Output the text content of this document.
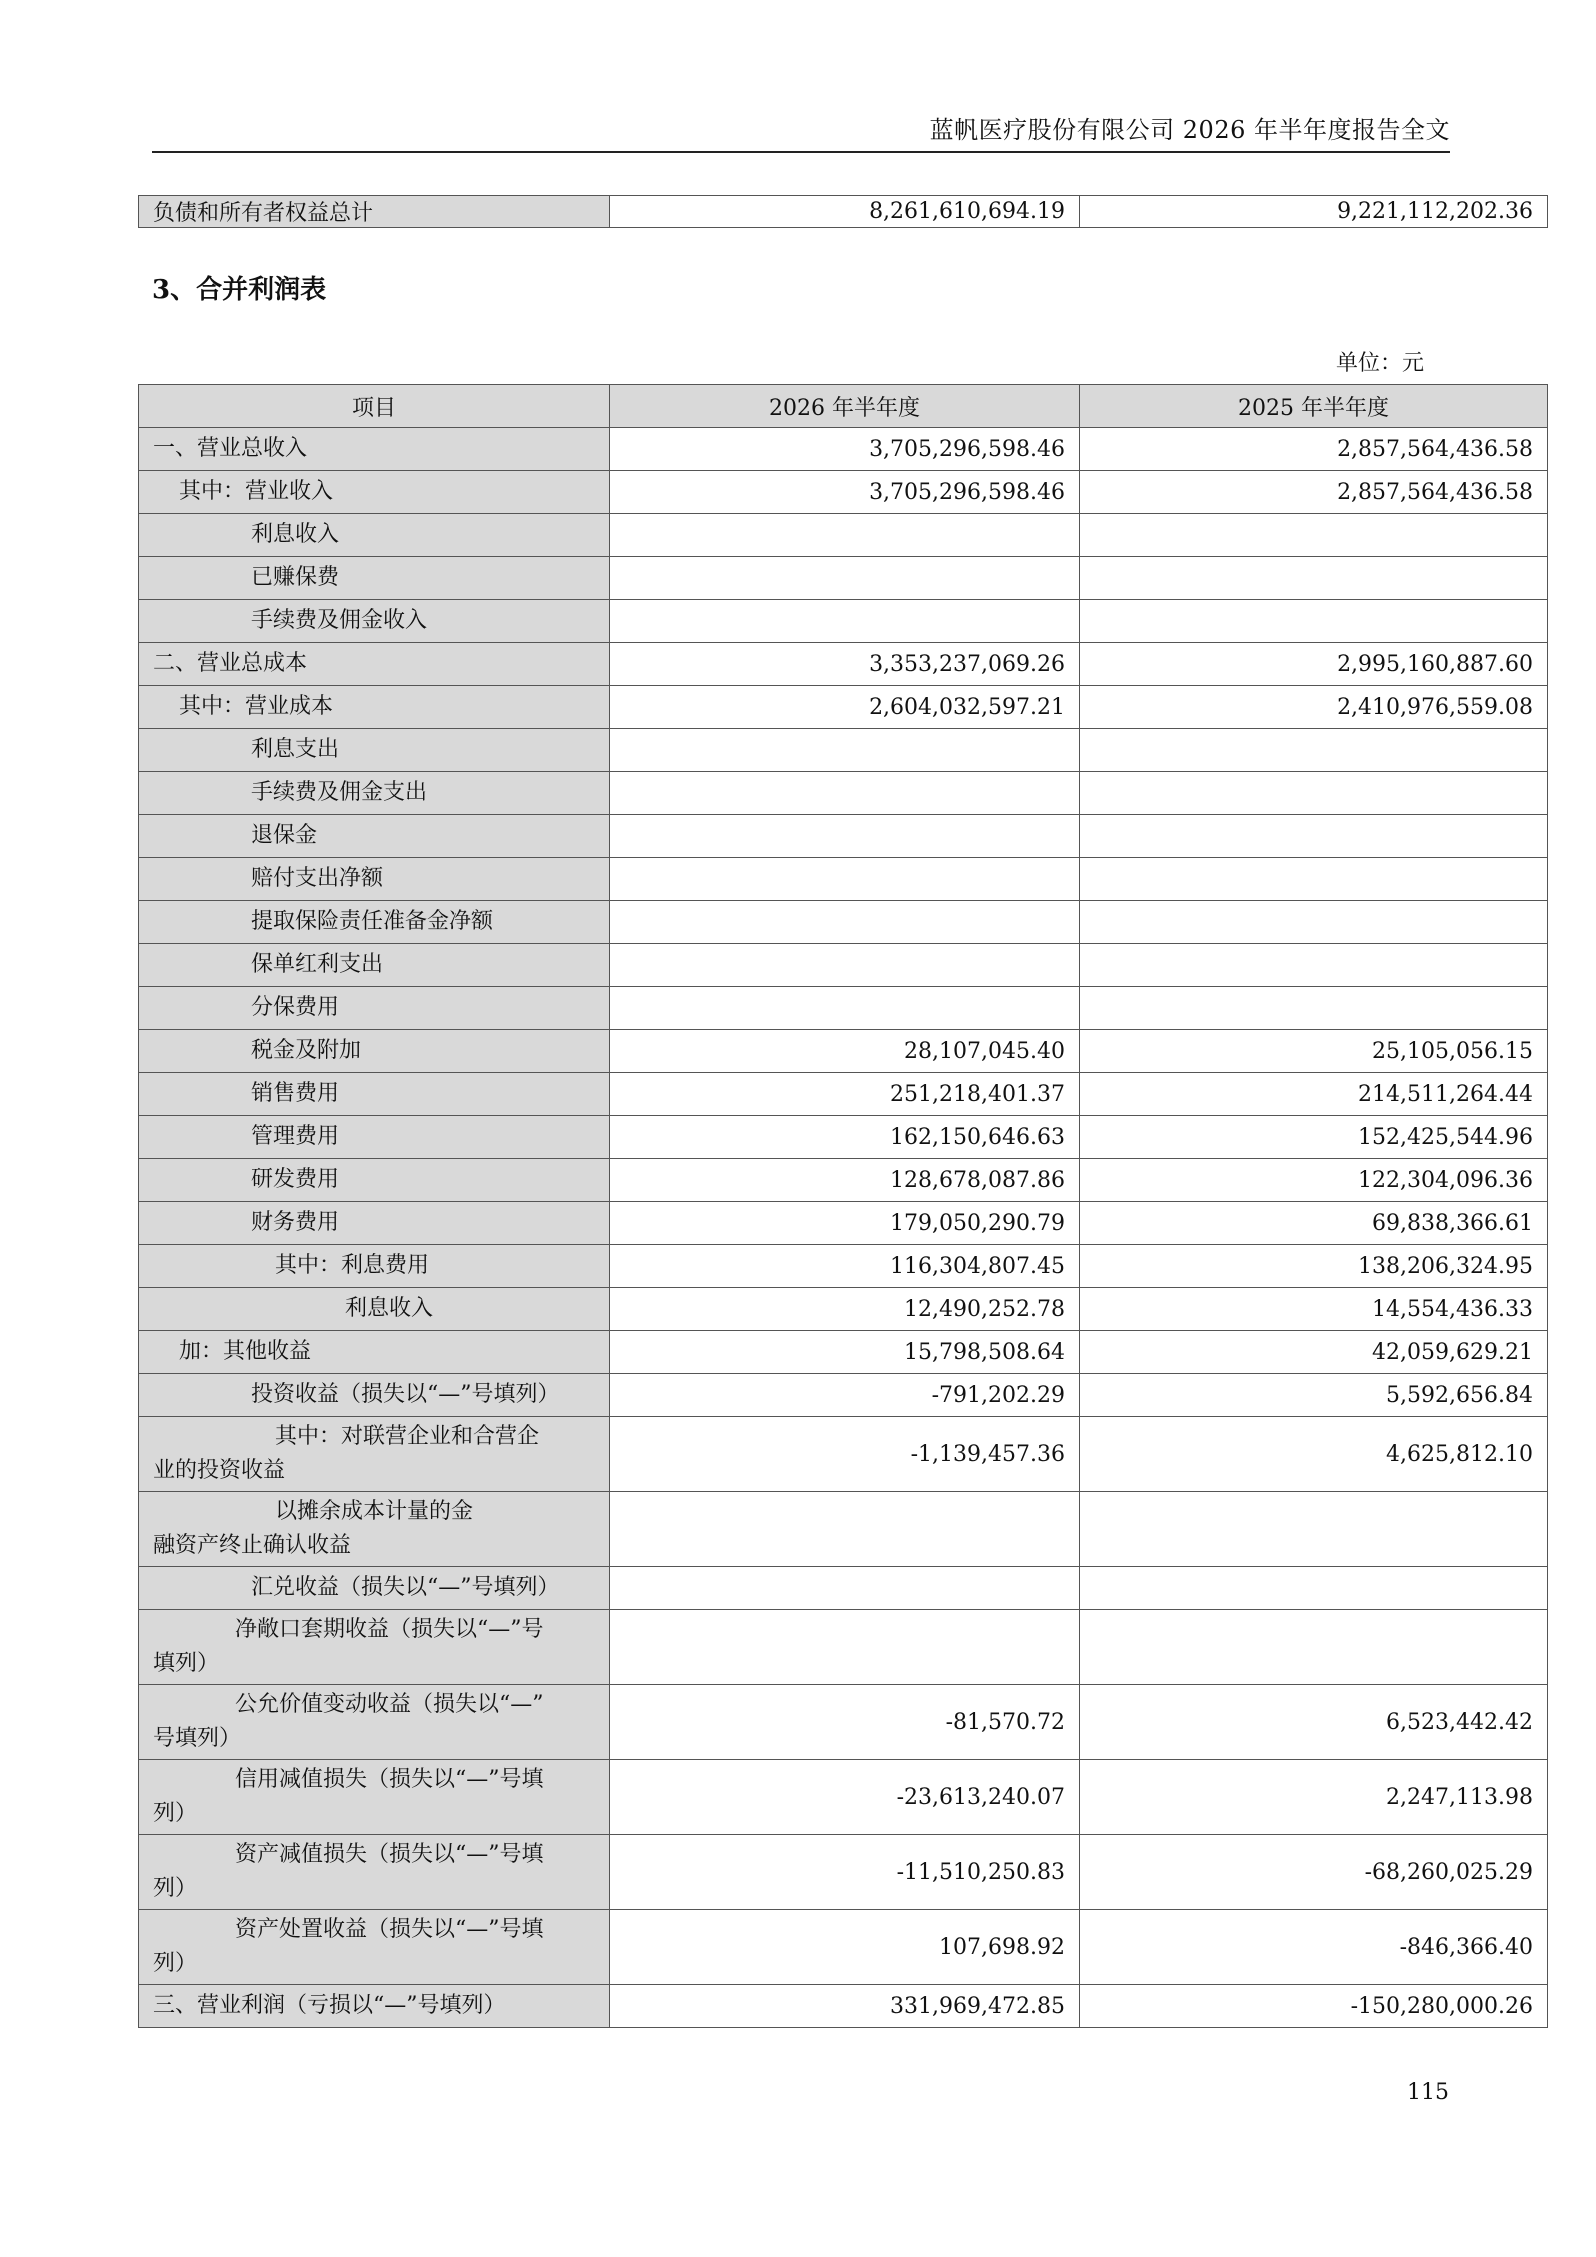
蓝帆医疗股份有限公司 2026 年半年度报告全文
负债和所有者权益总计	8,261,610,694.19	9,221,112,202.36
3、合并利润表
单位：元
项目	2026 年半年度	2025 年半年度
一、营业总收入	3,705,296,598.46	2,857,564,436.58
其中：营业收入	3,705,296,598.46	2,857,564,436.58
利息收入		
已赚保费		
手续费及佣金收入		
二、营业总成本	3,353,237,069.26	2,995,160,887.60
其中：营业成本	2,604,032,597.21	2,410,976,559.08
利息支出		
手续费及佣金支出		
退保金		
赔付支出净额		
提取保险责任准备金净额		
保单红利支出		
分保费用		
税金及附加	28,107,045.40	25,105,056.15
销售费用	251,218,401.37	214,511,264.44
管理费用	162,150,646.63	152,425,544.96
研发费用	128,678,087.86	122,304,096.36
财务费用	179,050,290.79	69,838,366.61
其中：利息费用	116,304,807.45	138,206,324.95
利息收入	12,490,252.78	14,554,436.33
加：其他收益	15,798,508.64	42,059,629.21
投资收益（损失以“—”号填列）	-791,202.29	5,592,656.84

其中：对联营企业和合营企
业的投资收益	-1,139,457.36	4,625,812.10

以摊余成本计量的金
融资产终止确认收益		

汇兑收益（损失以“—”号填列）		

净敞口套期收益（损失以“—”号
填列）		

公允价值变动收益（损失以“—”
号填列）	-81,570.72	6,523,442.42

信用减值损失（损失以“—”号填
列）	-23,613,240.07	2,247,113.98

资产减值损失（损失以“—”号填
列）	-11,510,250.83	-68,260,025.29

资产处置收益（损失以“—”号填
列）	107,698.92	-846,366.40
三、营业利润（亏损以“—”号填列）	331,969,472.85	-150,280,000.26
115
